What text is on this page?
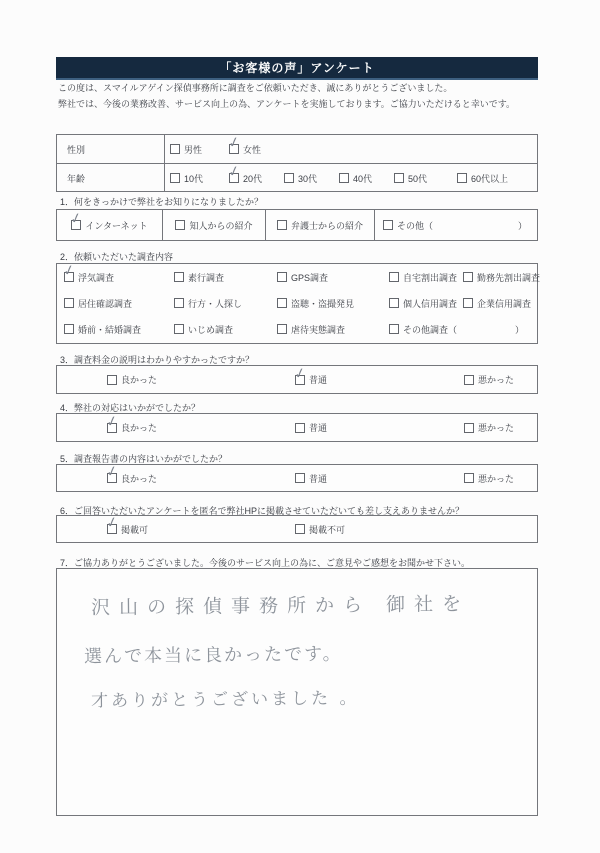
「お客様の声」アンケート

この度は、スマイルアゲイン探偵事務所に調査をご依頼いただき、誠にありがとうございました。

弊社では、今後の業務改善、サービス向上の為、アンケートを実施しております。ご協力いただけると幸いです。

性別	男性 ✓ 女性
年齢	10代 ✓ 20代	30代	40代	50代	60代以上
1．何をきっかけで弊社をお知りになりましたか？
✓ インターネット	知人からの紹介	弁護士からの紹介	その他（	）
2．依頼いただいた調査内容
✓ 浮気調査	素行調査	GPS調査	自宅割出調査 勤務先割出調査
居住確認調査	行方・人探し	盗聴・盗撮発見	個人信用調査 企業信用調査
婚前・結婚調査	いじめ調査	虐待実態調査	その他調査（	）
3．調査料金の説明はわかりやすかったですか？
良かった	✓ 普通	悪かった
4．弊社の対応はいかがでしたか？
✓ 良かった	普通	悪かった
5．調査報告書の内容はいかがでしたか？
✓ 良かった	普通	悪かった
6．ご回答いただいたアンケートを匿名で弊社HPに掲載させていただいても差し支えありませんか？
✓ 掲載可	掲載不可
7．ご協力ありがとうございました。今後のサービス向上の為に、ご意見やご感想をお聞かせ下さい。
沢山の探偵事務所から 御社を
選んで本当に良かったです。
才ありがとうございました 。
